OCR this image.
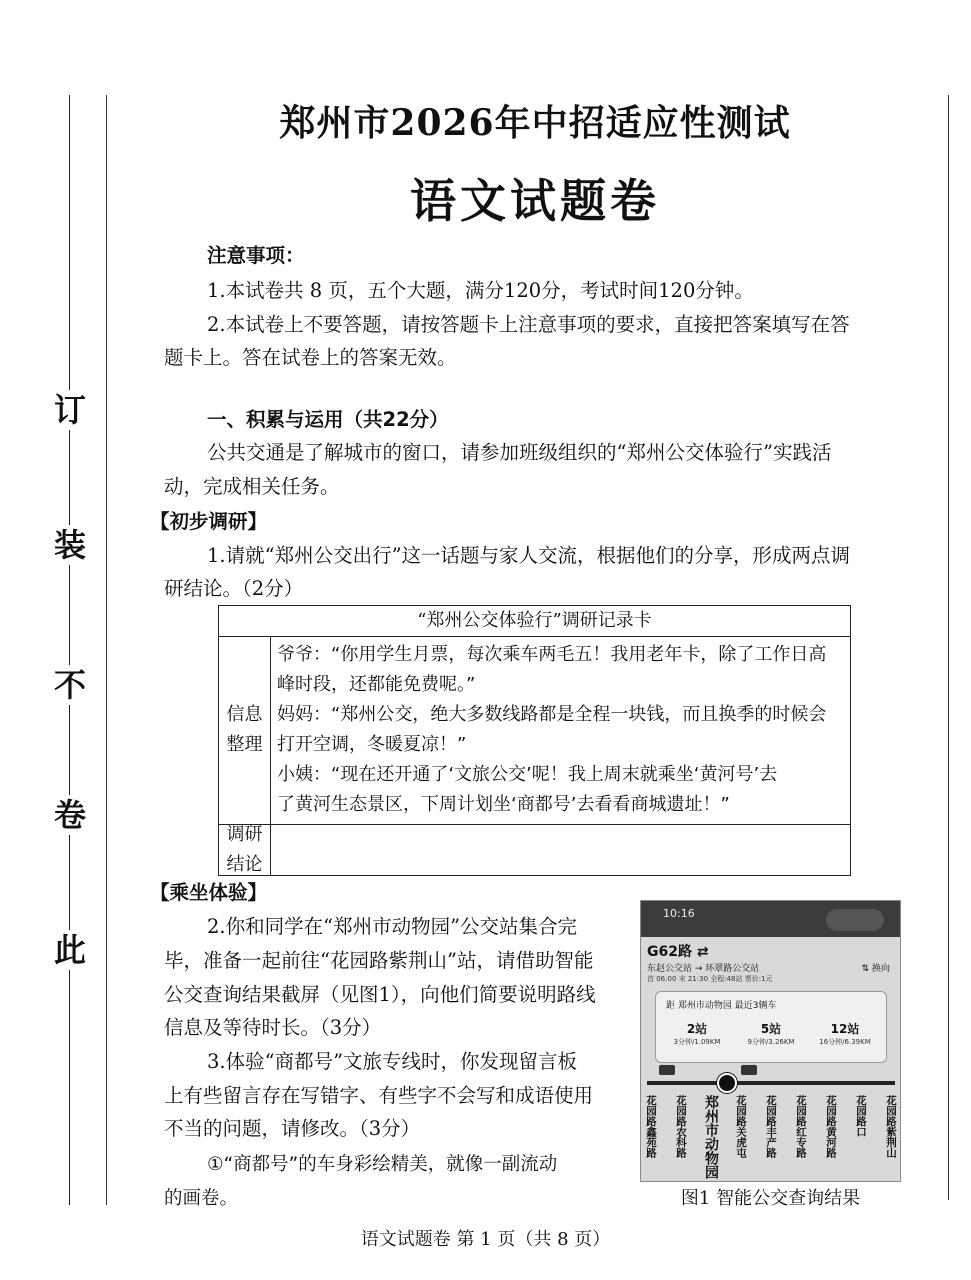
订
装
不
卷
此
郑州市2026年中招适应性测试
语文试题卷
注意事项：
1.本试卷共 8 页，五个大题，满分120分，考试时间120分钟。
2.本试卷上不要答题，请按答题卡上注意事项的要求，直接把答案填写在答
题卡上。答在试卷上的答案无效。
一、积累与运用（共22分）
公共交通是了解城市的窗口，请参加班级组织的“郑州公交体验行”实践活
动，完成相关任务。
【初步调研】
1.请就“郑州公交出行”这一话题与家人交流，根据他们的分享，形成两点调
研结论。（2分）
“郑州公交体验行”调研记录卡
信息
整理
爷爷：“你用学生月票，每次乘车两毛五！我用老年卡，除了工作日高
峰时段，还都能免费呢。”
妈妈：“郑州公交，绝大多数线路都是全程一块钱，而且换季的时候会
打开空调，冬暖夏凉！”
小姨：“现在还开通了‘文旅公交’呢！我上周末就乘坐‘黄河号’去
了黄河生态景区，下周计划坐‘商都号’去看看商城遗址！”
调研
结论
【乘坐体验】
2.你和同学在“郑州市动物园”公交站集合完
毕，准备一起前往“花园路紫荆山”站，请借助智能
公交查询结果截屏（见图1），向他们简要说明路线
信息及等待时长。（3分）
3.体验“商都号”文旅专线时，你发现留言板
上有些留言存在写错字、有些字不会写和成语使用
不当的问题，请修改。（3分）
①“商都号”的车身彩绘精美，就像一副流动
的画卷。
10:16
G62路 ⇄
东赵公交站 → 环翠路公交站	⇅ 换向
首 06:00 末 21:30 全程:48站 票价:1元
距 郑州市动物园 最近3辆车
2站
3分钟/1.09KM
5站
9分钟/3.26KM
12站
16分钟/6.39KM
花园路鑫苑路 花园路农科路 郑州市动物园 花园路关虎屯 花园路丰产路 花园路红专路 花园路黄河路 花园路口 花园路紫荆山
图1 智能公交查询结果
语文试题卷 第 1 页（共 8 页）
